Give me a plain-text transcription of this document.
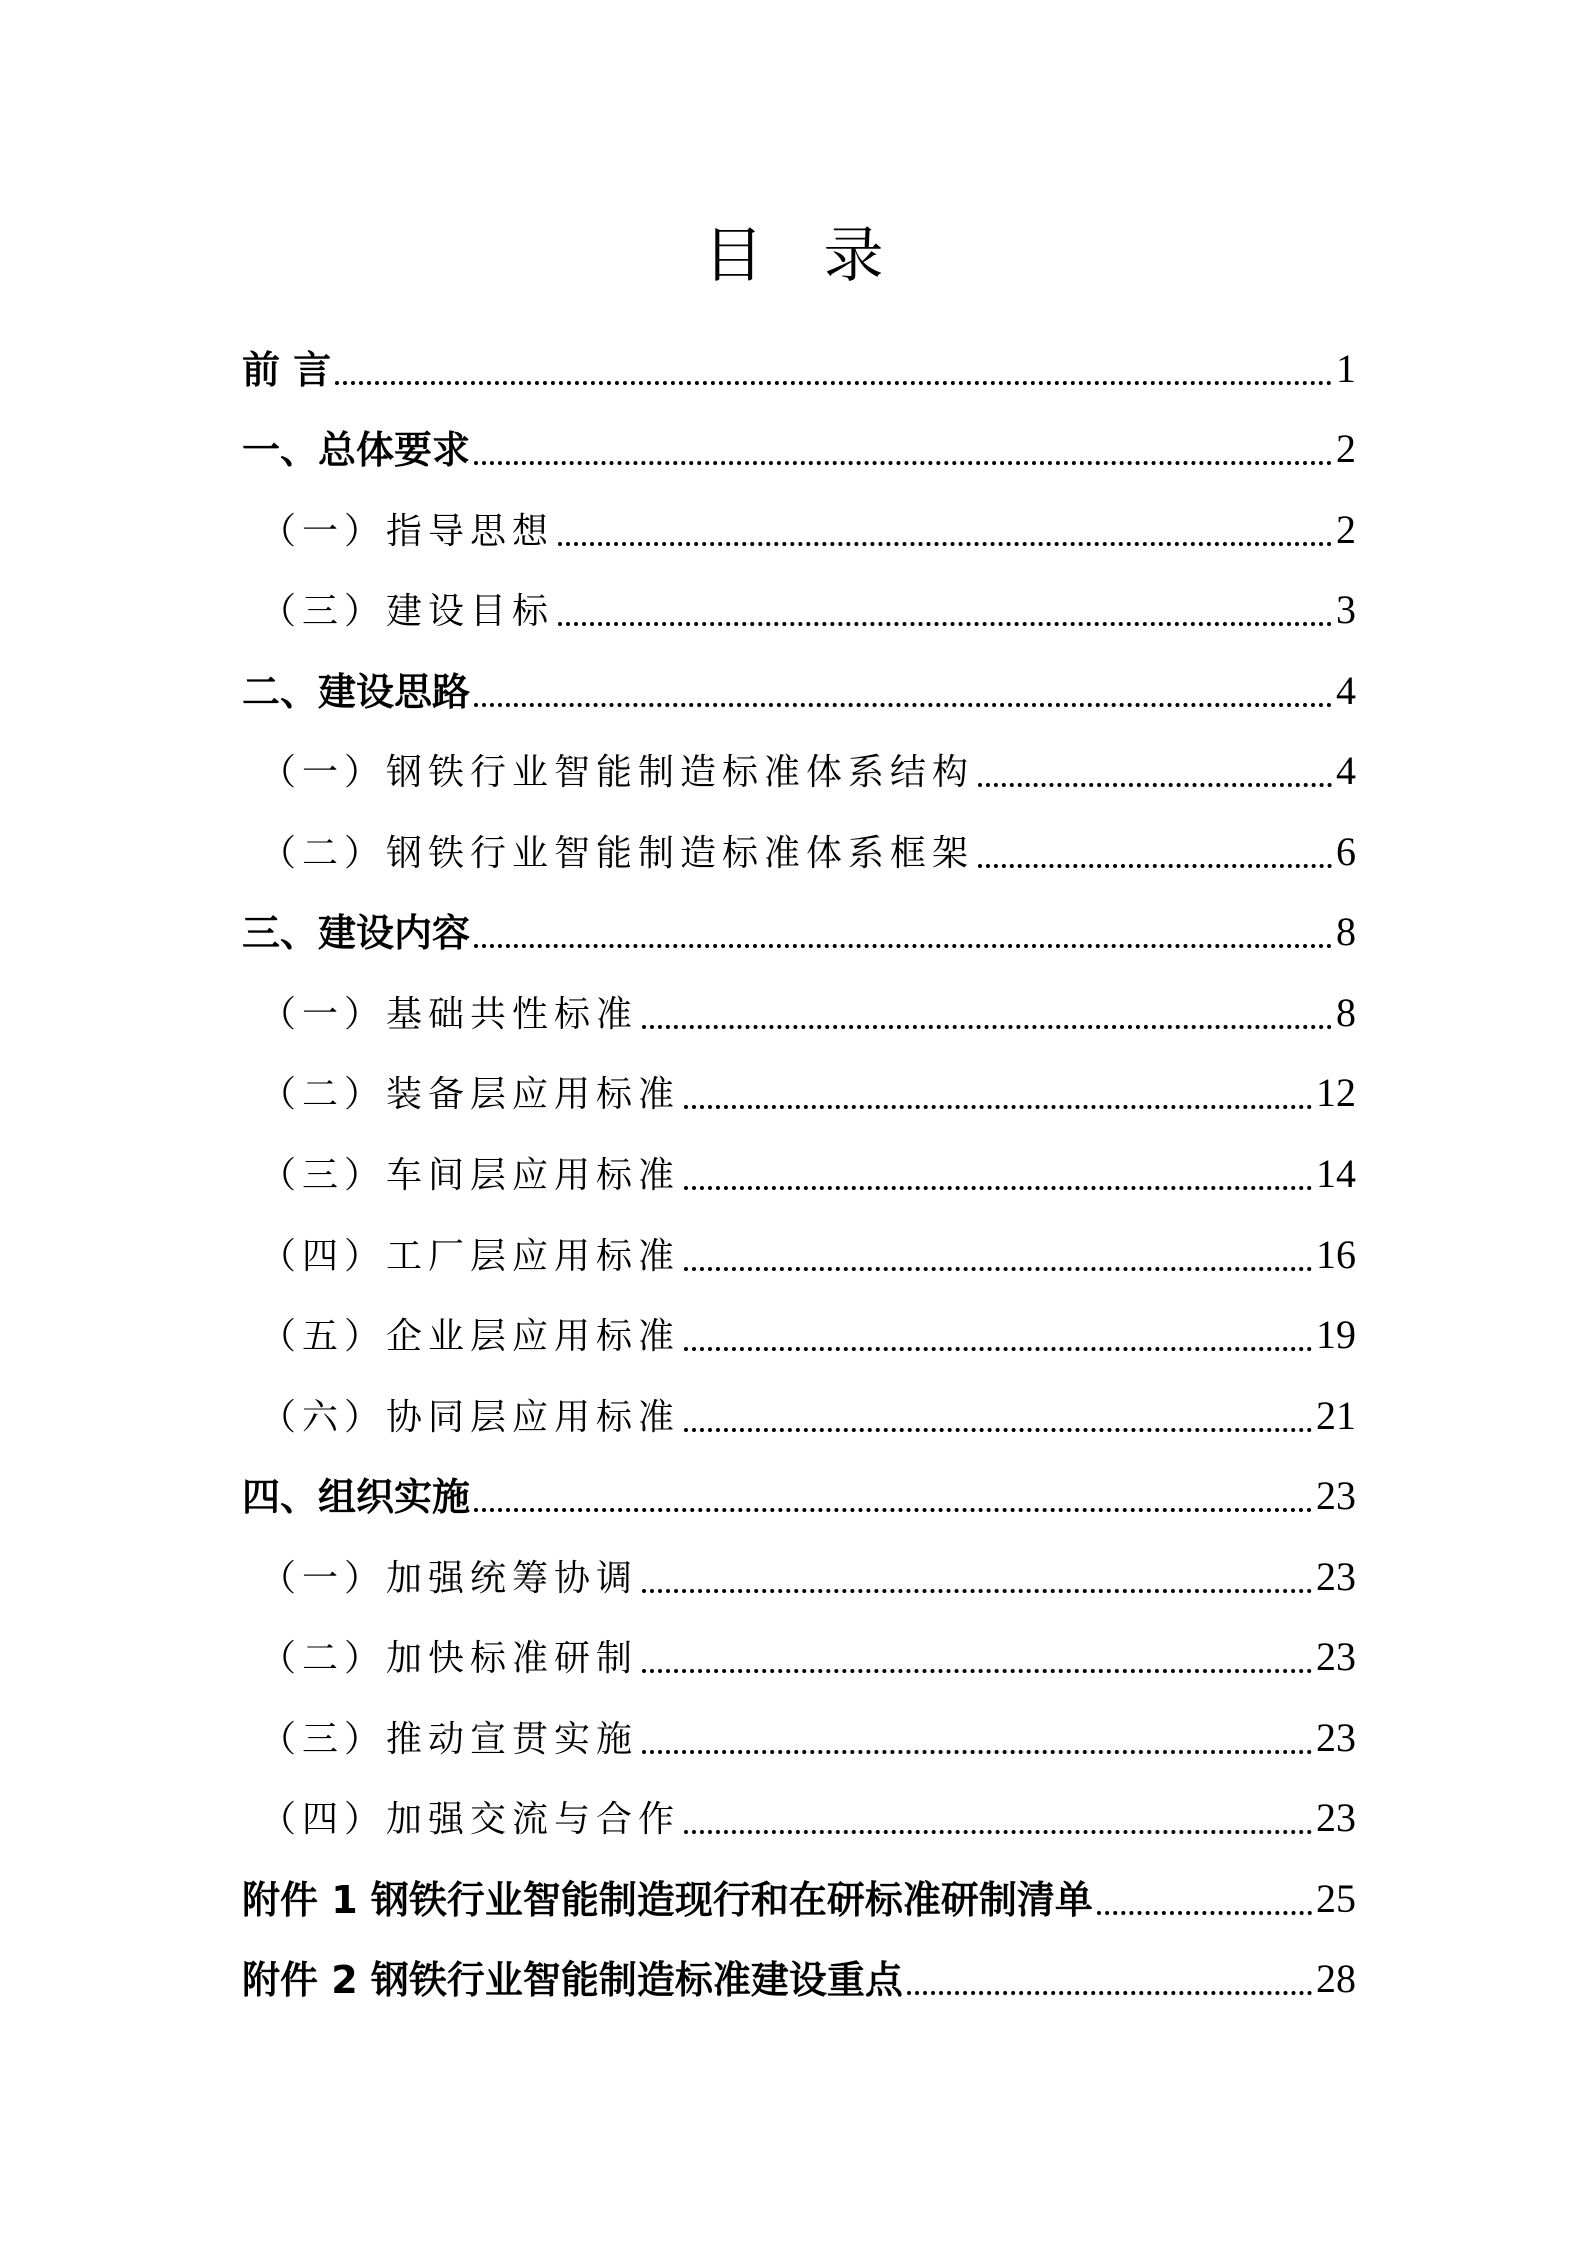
目录
前 言	1
一、总体要求	2
（一）指导思想	2
（三）建设目标	3
二、建设思路	4
（一）钢铁行业智能制造标准体系结构	4
（二）钢铁行业智能制造标准体系框架	6
三、建设内容	8
（一）基础共性标准	8
（二）装备层应用标准	12
（三）车间层应用标准	14
（四）工厂层应用标准	16
（五）企业层应用标准	19
（六）协同层应用标准	21
四、组织实施	23
（一）加强统筹协调	23
（二）加快标准研制	23
（三）推动宣贯实施	23
（四）加强交流与合作	23
附件 1 钢铁行业智能制造现行和在研标准研制清单	25
附件 2 钢铁行业智能制造标准建设重点	28
